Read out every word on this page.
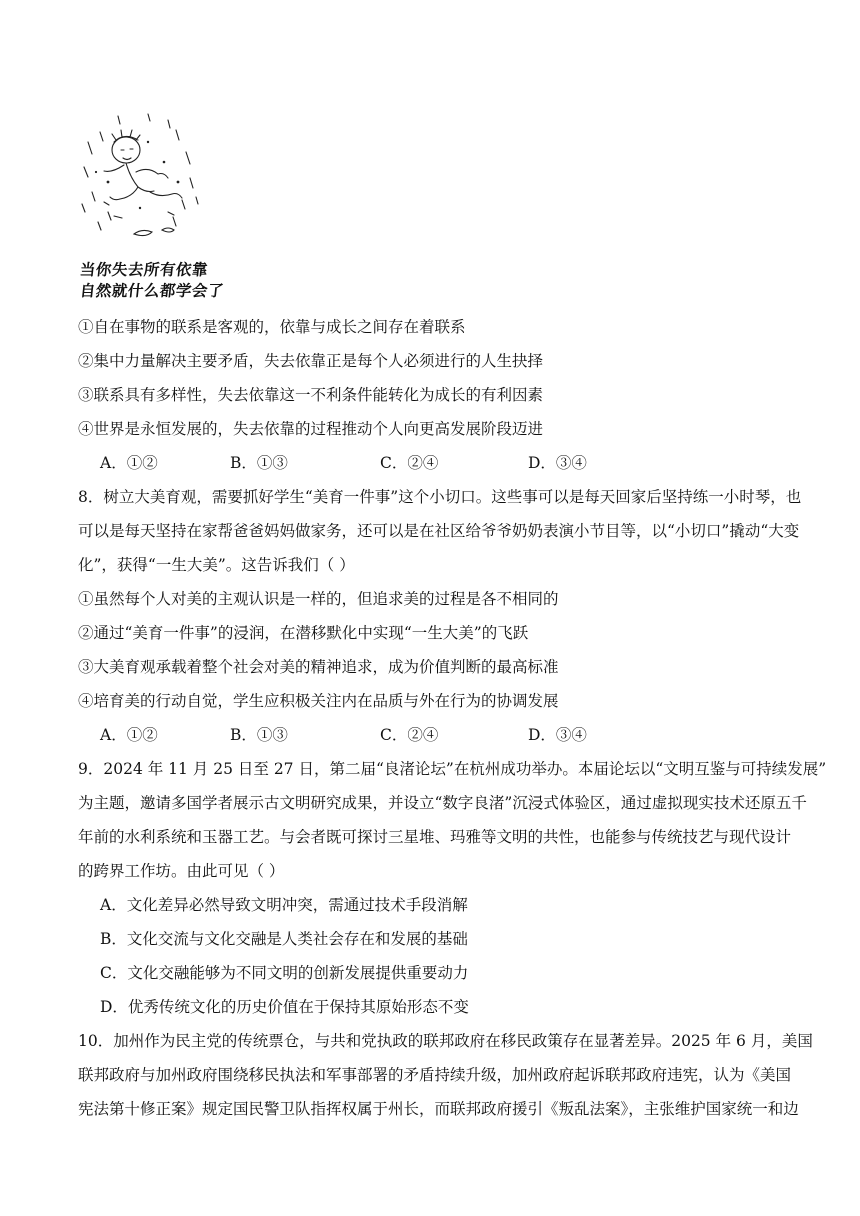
当你失去所有依靠
自然就什么都学会了
①自在事物的联系是客观的，依靠与成长之间存在着联系
②集中力量解决主要矛盾，失去依靠正是每个人必须进行的人生抉择
③联系具有多样性，失去依靠这一不利条件能转化为成长的有利因素
④世界是永恒发展的，失去依靠的过程推动个人向更高发展阶段迈进
A．①②	B．①③	C．②④	D．③④
8．树立大美育观，需要抓好学生“美育一件事”这个小切口。这些事可以是每天回家后坚持练一小时琴，也
可以是每天坚持在家帮爸爸妈妈做家务，还可以是在社区给爷爷奶奶表演小节目等，以“小切口”撬动“大变
化”，获得“一生大美”。这告诉我们（ ）
①虽然每个人对美的主观认识是一样的，但追求美的过程是各不相同的
②通过“美育一件事”的浸润，在潜移默化中实现“一生大美”的飞跃
③大美育观承载着整个社会对美的精神追求，成为价值判断的最高标准
④培育美的行动自觉，学生应积极关注内在品质与外在行为的协调发展
A．①②	B．①③	C．②④	D．③④
9．2024 年 11 月 25 日至 27 日，第二届“良渚论坛”在杭州成功举办。本届论坛以“文明互鉴与可持续发展”
为主题，邀请多国学者展示古文明研究成果，并设立“数字良渚”沉浸式体验区，通过虚拟现实技术还原五千
年前的水利系统和玉器工艺。与会者既可探讨三星堆、玛雅等文明的共性，也能参与传统技艺与现代设计
的跨界工作坊。由此可见（ ）
A．文化差异必然导致文明冲突，需通过技术手段消解
B．文化交流与文化交融是人类社会存在和发展的基础
C．文化交融能够为不同文明的创新发展提供重要动力
D．优秀传统文化的历史价值在于保持其原始形态不变
10．加州作为民主党的传统票仓，与共和党执政的联邦政府在移民政策存在显著差异。2025 年 6 月，美国
联邦政府与加州政府围绕移民执法和军事部署的矛盾持续升级，加州政府起诉联邦政府违宪，认为《美国
宪法第十修正案》规定国民警卫队指挥权属于州长，而联邦政府援引《叛乱法案》，主张维护国家统一和边
